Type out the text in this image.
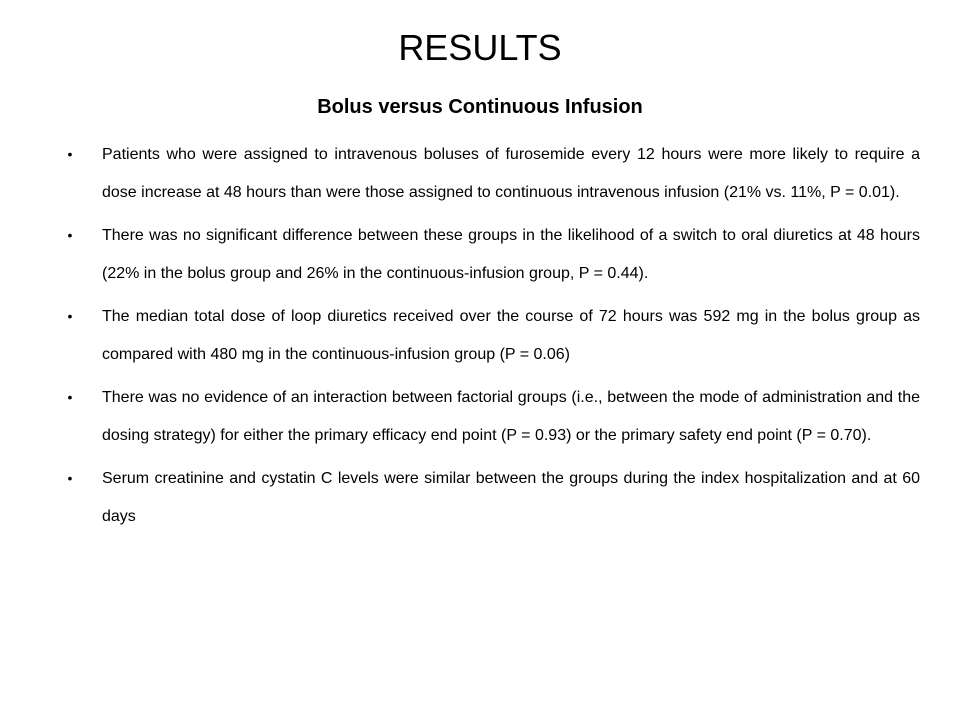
RESULTS
Bolus versus Continuous Infusion
• Patients who were assigned to intravenous boluses of furosemide every 12 hours were more likely to require a dose increase at 48 hours than were those assigned to continuous intravenous infusion (21% vs. 11%, P = 0.01).
• There was no significant difference between these groups in the likelihood of a switch to oral diuretics at 48 hours (22% in the bolus group and 26% in the continuous-infusion group, P = 0.44).
• The median total dose of loop diuretics received over the course of 72 hours was 592 mg in the bolus group as compared with 480 mg in the continuous-infusion group (P = 0.06)
• There was no evidence of an interaction between factorial groups (i.e., between the mode of administration and the dosing strategy) for either the primary efficacy end point (P = 0.93) or the primary safety end point (P = 0.70).
• Serum creatinine and cystatin C levels were similar between the groups during the index hospitalization and at 60 days
